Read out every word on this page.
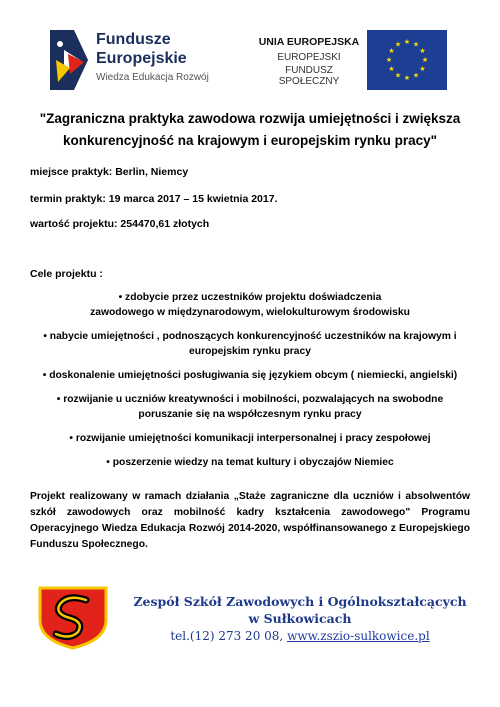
Fundusze
Europejskie
Wiedza Edukacja Rozwój
UNIA EUROPEJSKA
EUROPEJSKI
FUNDUSZ SPOŁECZNY
★ ★
★
★
★
★
★
★
★
★
★
★
"Zagraniczna praktyka zawodowa rozwija umiejętności i zwiększa konkurencyjność na krajowym i europejskim rynku pracy"
miejsce praktyk: Berlin, Niemcy
termin praktyk: 19 marca 2017 – 15 kwietnia 2017.
wartość projektu: 254470,61 złotych
Cele projektu :
• zdobycie przez uczestników projektu doświadczenia zawodowego w międzynarodowym, wielokulturowym środowisku
• nabycie umiejętności , podnoszących konkurencyjność uczestników na krajowym i europejskim rynku pracy
• doskonalenie umiejętności posługiwania się językiem obcym ( niemiecki, angielski)
• rozwijanie u uczniów kreatywności i mobilności, pozwalających na swobodne poruszanie się na współczesnym rynku pracy
• rozwijanie umiejętności komunikacji interpersonalnej i pracy zespołowej
• poszerzenie wiedzy na temat kultury i obyczajów Niemiec
Projekt realizowany w ramach działania „Staże zagraniczne dla uczniów i absolwentów szkół zawodowych oraz mobilność kadry kształcenia zawodowego" Programu Operacyjnego Wiedza Edukacja Rozwój 2014-2020, współfinansowanego z Europejskiego Funduszu Społecznego.
Zespół Szkół Zawodowych i Ogólnokształcących
w Sułkowicach
tel.(12) 273 20 08, www.zszio-sulkowice.pl
